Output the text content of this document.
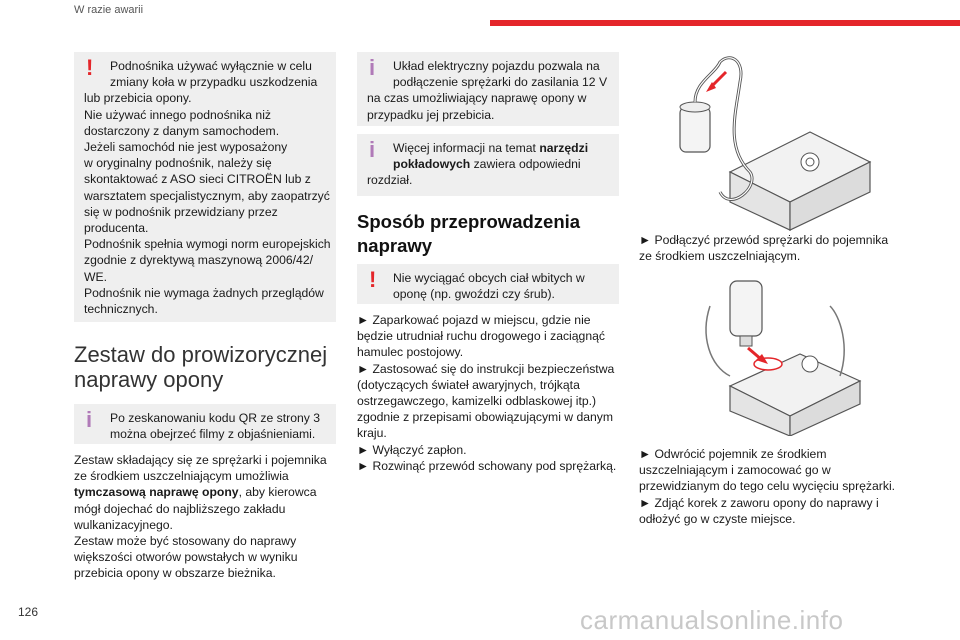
W razie awarii
!	Podnośnika używać wyłącznie w celu
zmiany koła w przypadku uszkodzenia
lub przebicia opony.
Nie używać innego podnośnika niż
dostarczony z danym samochodem.
Jeżeli samochód nie jest wyposażony
w oryginalny podnośnik, należy się
skontaktować z ASO sieci CITROËN lub z
warsztatem specjalistycznym, aby zaopatrzyć
się w podnośnik przewidziany przez
producenta.
Podnośnik spełnia wymogi norm europejskich
zgodnie z dyrektywą maszynową 2006/42/
WE.
Podnośnik nie wymaga żadnych przeglądów
technicznych.
Zestaw do prowizorycznej
naprawy opony
i	Po zeskanowaniu kodu QR ze strony 3
można obejrzeć filmy z objaśnieniami.
Zestaw składający się ze sprężarki i pojemnika
ze środkiem uszczelniającym umożliwia
tymczasową naprawę opony, aby kierowca
mógł dojechać do najbliższego zakładu
wulkanizacyjnego.
Zestaw może być stosowany do naprawy
większości otworów powstałych w wyniku
przebicia opony w obszarze bieżnika.
i	Układ elektryczny pojazdu pozwala na
podłączenie sprężarki do zasilania 12 V
na czas umożliwiający naprawę opony w
przypadku jej przebicia.
i	Więcej informacji na temat narzędzi
pokładowych zawiera odpowiedni
rozdział.
Sposób przeprowadzenia
naprawy
!	Nie wyciągać obcych ciał wbitych w
oponę (np. gwoździ czy śrub).
► Zaparkować pojazd w miejscu, gdzie nie
będzie utrudniał ruchu drogowego i zaciągnąć
hamulec postojowy.
► Zastosować się do instrukcji bezpieczeństwa
(dotyczących świateł awaryjnych, trójkąta
ostrzegawczego, kamizelki odblaskowej itp.)
zgodnie z przepisami obowiązującymi w danym
kraju.
► Wyłączyć zapłon.
► Rozwinąć przewód schowany pod sprężarką.
► Podłączyć przewód sprężarki do pojemnika
ze środkiem uszczelniającym.
► Odwrócić pojemnik ze środkiem
uszczelniającym i zamocować go w
przewidzianym do tego celu wycięciu sprężarki.
► Zdjąć korek z zaworu opony do naprawy i
odłożyć go w czyste miejsce.
126	carmanualsonline.info
